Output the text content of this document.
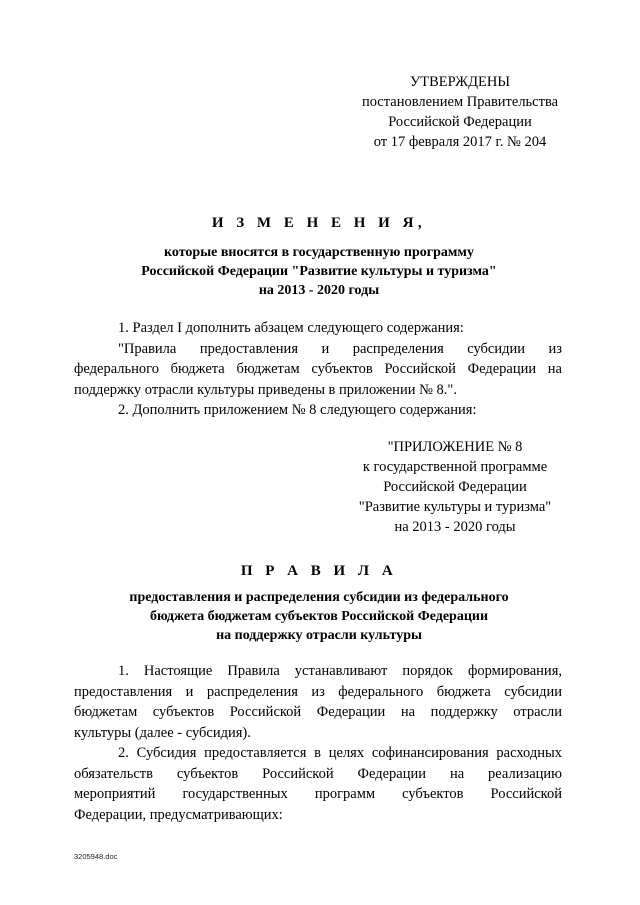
УТВЕРЖДЕНЫ
постановлением Правительства
Российской Федерации
от 17 февраля 2017 г. № 204
И З М Е Н Е Н И Я,
которые вносятся в государственную программу
Российской Федерации "Развитие культуры и туризма"
на 2013 - 2020 годы
1. Раздел I дополнить абзацем следующего содержания:
"Правила предоставления и распределения субсидии из
федерального бюджета бюджетам субъектов Российской Федерации на
поддержку отрасли культуры приведены в приложении № 8.".
2. Дополнить приложением № 8 следующего содержания:
"ПРИЛОЖЕНИЕ № 8
к государственной программе
Российской Федерации
"Развитие культуры и туризма"
на 2013 - 2020 годы
П Р А В И Л А
предоставления и распределения субсидии из федерального
бюджета бюджетам субъектов Российской Федерации
на поддержку отрасли культуры
1. Настоящие Правила устанавливают порядок формирования,
предоставления и распределения из федерального бюджета субсидии
бюджетам субъектов Российской Федерации на поддержку отрасли
культуры (далее - субсидия).
2. Субсидия предоставляется в целях софинансирования расходных
обязательств субъектов Российской Федерации на реализацию
мероприятий государственных программ субъектов Российской
Федерации, предусматривающих:
3205948.doc
